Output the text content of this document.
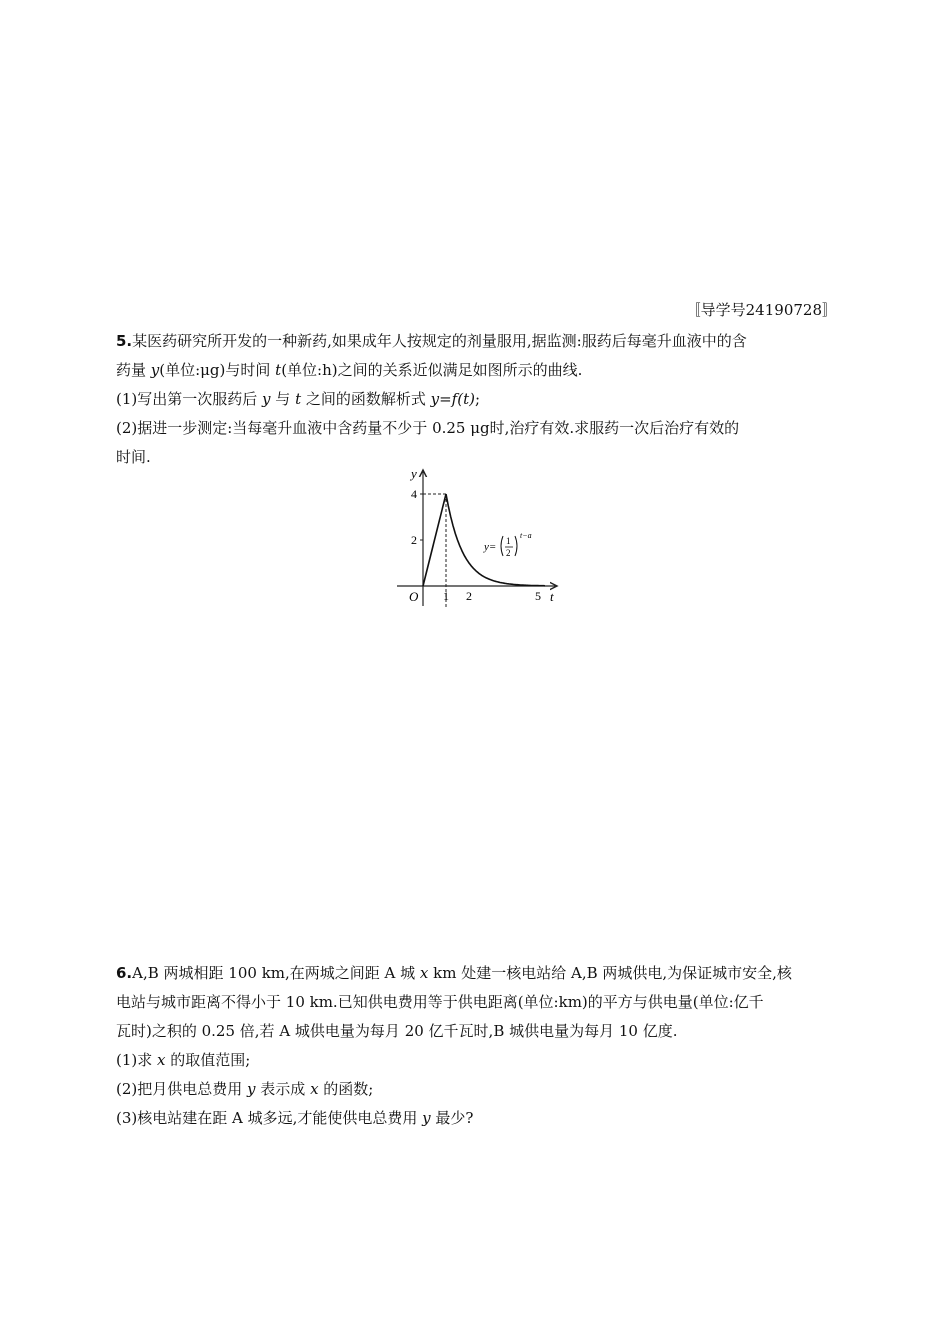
〚导学号24190728〛
5.某医药研究所开发的一种新药,如果成年人按规定的剂量服用,据监测:服药后每毫升血液中的含
药量 y(单位:μg)与时间 t(单位:h)之间的关系近似满足如图所示的曲线.
(1)写出第一次服药后 y 与 t 之间的函数解析式 y=f(t);
(2)据进一步测定:当每毫升血液中含药量不少于 0.25 μg时,治疗有效.求服药一次后治疗有效的
时间.
1 2	5
2
4
O	t
y
y= 1
2
t−a
6.A,B 两城相距 100 km,在两城之间距 A 城 x km 处建一核电站给 A,B 两城供电,为保证城市安全,核
电站与城市距离不得小于 10 km.已知供电费用等于供电距离(单位:km)的平方与供电量(单位:亿千
瓦时)之积的 0.25 倍,若 A 城供电量为每月 20 亿千瓦时,B 城供电量为每月 10 亿度.
(1)求 x 的取值范围;
(2)把月供电总费用 y 表示成 x 的函数;
(3)核电站建在距 A 城多远,才能使供电总费用 y 最少?
